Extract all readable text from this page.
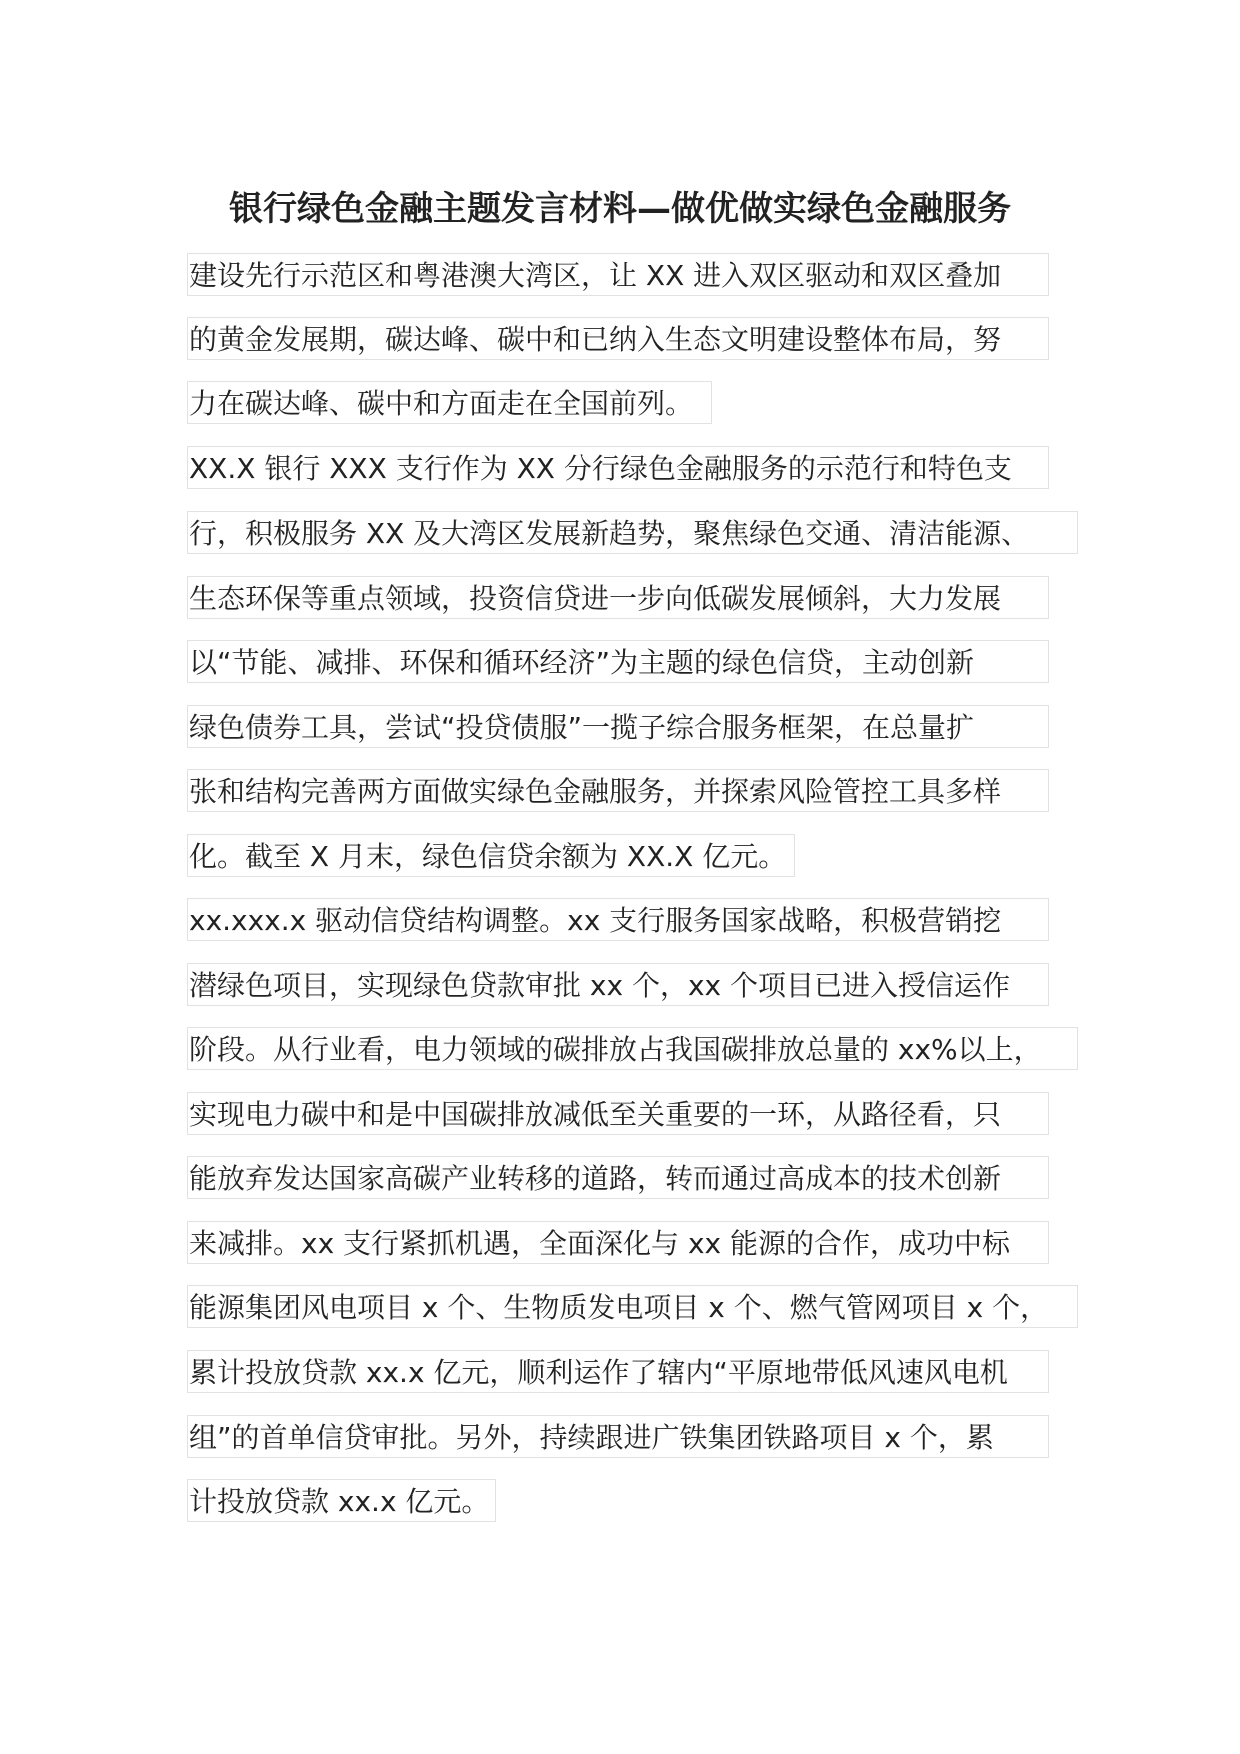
银行绿色金融主题发言材料—做优做实绿色金融服务
建设先行示范区和粤港澳大湾区，让 XX 进入双区驱动和双区叠加
的黄金发展期，碳达峰、碳中和已纳入生态文明建设整体布局，努
力在碳达峰、碳中和方面走在全国前列。
XX.X 银行 XXX 支行作为 XX 分行绿色金融服务的示范行和特色支
行，积极服务 XX 及大湾区发展新趋势，聚焦绿色交通、清洁能源、
生态环保等重点领域，投资信贷进一步向低碳发展倾斜，大力发展
以“节能、减排、环保和循环经济”为主题的绿色信贷，主动创新
绿色债券工具，尝试“投贷债服”一揽子综合服务框架，在总量扩
张和结构完善两方面做实绿色金融服务，并探索风险管控工具多样
化。截至 X 月末，绿色信贷余额为 XX.X 亿元。
xx.xxx.x 驱动信贷结构调整。xx 支行服务国家战略，积极营销挖
潜绿色项目，实现绿色贷款审批 xx 个，xx 个项目已进入授信运作
阶段。从行业看，电力领域的碳排放占我国碳排放总量的 xx%以上，
实现电力碳中和是中国碳排放减低至关重要的一环，从路径看，只
能放弃发达国家高碳产业转移的道路，转而通过高成本的技术创新
来减排。xx 支行紧抓机遇，全面深化与 xx 能源的合作，成功中标
能源集团风电项目 x 个、生物质发电项目 x 个、燃气管网项目 x 个，
累计投放贷款 xx.x 亿元，顺利运作了辖内“平原地带低风速风电机
组”的首单信贷审批。另外，持续跟进广铁集团铁路项目 x 个，累
计投放贷款 xx.x 亿元。
